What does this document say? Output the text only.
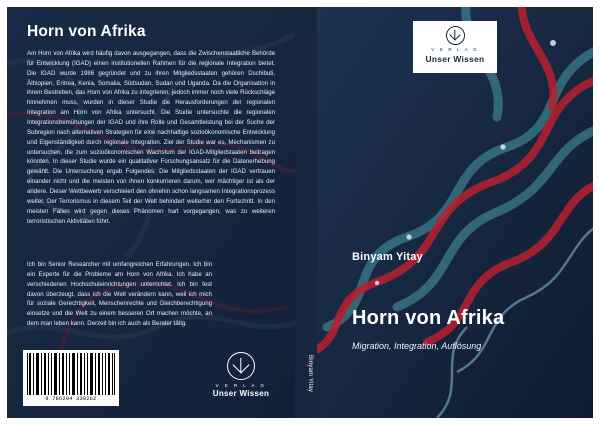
Horn von Afrika
Am Horn von Afrika wird häufig davon ausgegangen, dass die Zwischenstaatliche Behörde für Entwicklung (IGAD) einen institutionellen Rahmen für die regionale Integration bietet. Die IGAD wurde 1986 gegründet und zu ihren Mitgliedsstaaten gehören Dschibuti, Äthiopien, Eritrea, Kenia, Somalia, Südsudan, Sudan und Uganda. Da die Organisation in ihrem Bestreben, das Horn von Afrika zu integrieren, jedoch immer noch viele Rückschläge hinnehmen muss, wurden in dieser Studie die Herausforderungen der regionalen Integration am Horn von Afrika untersucht. Die Studie untersuchte die regionalen Integrationsbemühungen der IGAD und ihre Rolle und Gesamtleistung bei der Suche der Subregion nach alternativen Strategien für eine nachhaltige sozioökonomische Entwicklung und Eigenständigkeit durch regionale Integration. Ziel der Studie war es, Mechanismen zu untersuchen, die zum sozioökonomischen Wachstum der IGAD-Mitgliedstaaten beitragen könnten. In dieser Studie wurde ein qualitativer Forschungsansatz für die Datenerhebung gewählt. Die Untersuchung ergab Folgendes: Die Mitgliedsstaaten der IGAD vertrauen einander nicht und die meisten von ihnen konkurrieren darum, wer mächtiger ist als der andere. Dieser Wettbewerb verschleiert den ohnehin schon langsamen Integrationsprozess weiter. Der Terrorismus in diesem Teil der Welt behindert weiterhin den Fortschritt. In den meisten Fällen wird gegen dieses Phänomen hart vorgegangen, was zu weiteren terroristischen Aktivitäten führt.
Ich bin Senior Researcher mit umfangreichen Erfahrungen. Ich bin ein Experte für die Probleme am Horn von Afrika. Ich habe an verschiedenen Hochschuleinrichtungen unterrichtet. Ich bin fest davon überzeugt, dass ich die Welt verändern kann, weil ich mich für soziale Gerechtigkeit, Menschenrechte und Gleichberechtigung einsetze und die Welt zu einem besseren Ort machen möchte, an dem man leben kann. Derzeit bin ich auch als Berater tätig.
9 786204 338262
V E R L A G
Unser Wissen
Binyam Yitay
V E R L A G
Unser Wissen
Binyam Yitay
Horn von Afrika
Migration, Integration, Auflösung
